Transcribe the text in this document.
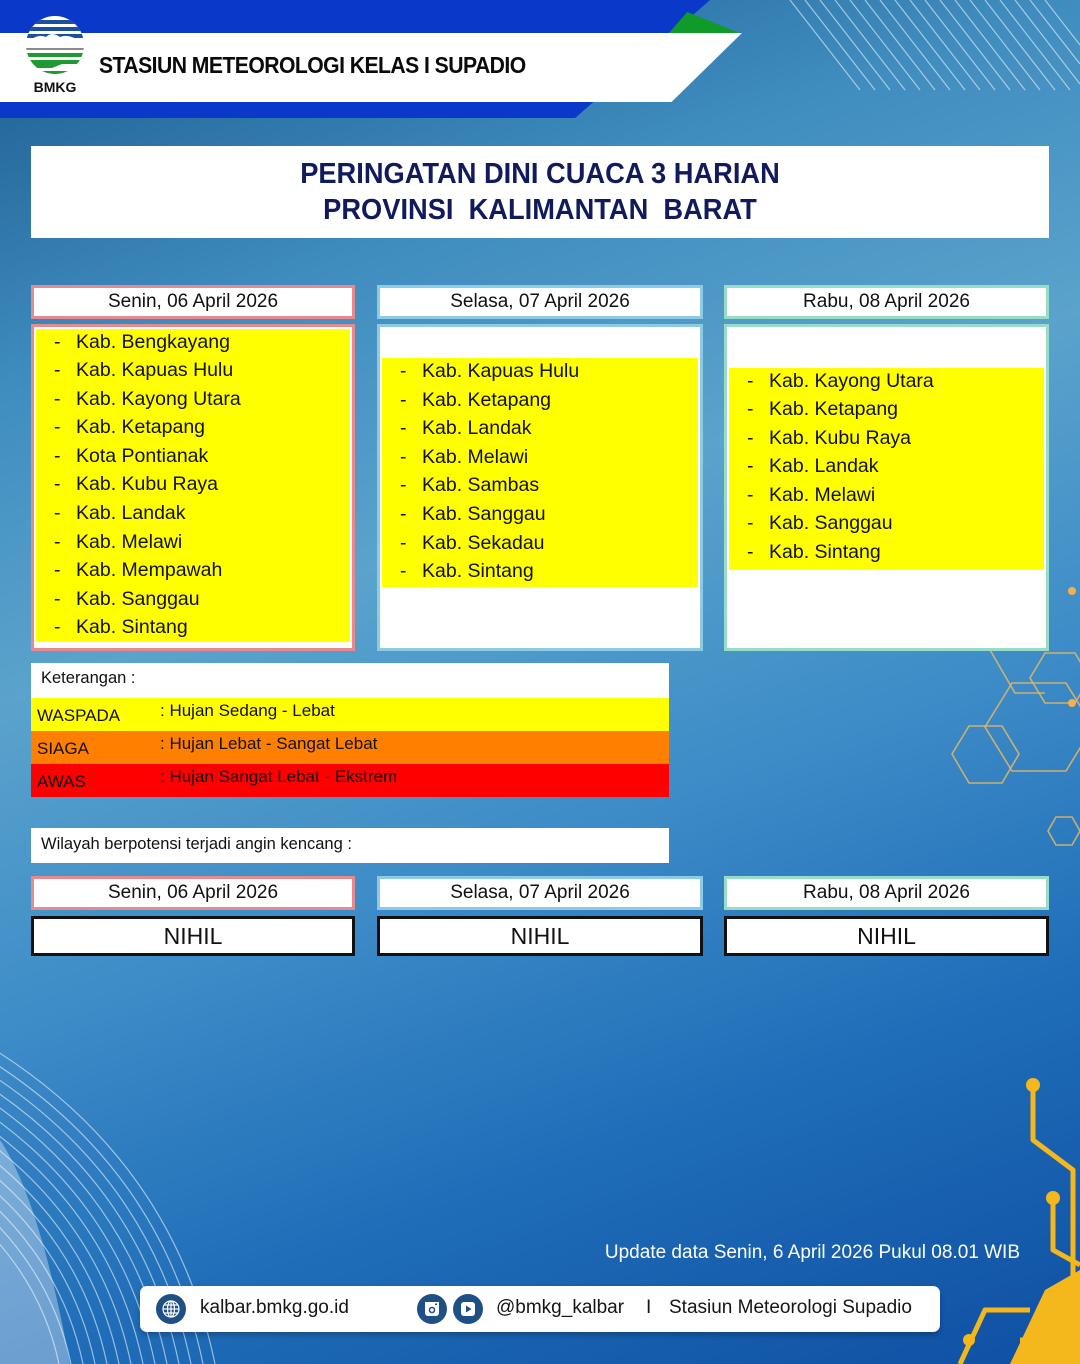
BMKG
STASIUN METEOROLOGI KELAS I SUPADIO
PERINGATAN DINI CUACA 3 HARIAN
PROVINSI  KALIMANTAN  BARAT
Senin, 06 April 2026
- Kab. Bengkayang
- Kab. Kapuas Hulu
- Kab. Kayong Utara
- Kab. Ketapang
- Kota Pontianak
- Kab. Kubu Raya
- Kab. Landak
- Kab. Melawi
- Kab. Mempawah
- Kab. Sanggau
- Kab. Sintang
Selasa, 07 April 2026
- Kab. Kapuas Hulu
- Kab. Ketapang
- Kab. Landak
- Kab. Melawi
- Kab. Sambas
- Kab. Sanggau
- Kab. Sekadau
- Kab. Sintang
Rabu, 08 April 2026
- Kab. Kayong Utara
- Kab. Ketapang
- Kab. Kubu Raya
- Kab. Landak
- Kab. Melawi
- Kab. Sanggau
- Kab. Sintang
Keterangan :
WASPADA : Hujan Sedang - Lebat
SIAGA	: Hujan Lebat - Sangat Lebat
AWAS	: Hujan Sangat Lebat - Ekstrem
Wilayah berpotensi terjadi angin kencang :
Senin, 06 April 2026
NIHIL
Selasa, 07 April 2026
NIHIL
Rabu, 08 April 2026
NIHIL
Update data Senin, 6 April 2026 Pukul 08.01 WIB
kalbar.bmkg.go.id	@bmkg_kalbar I Stasiun Meteorologi Supadio
